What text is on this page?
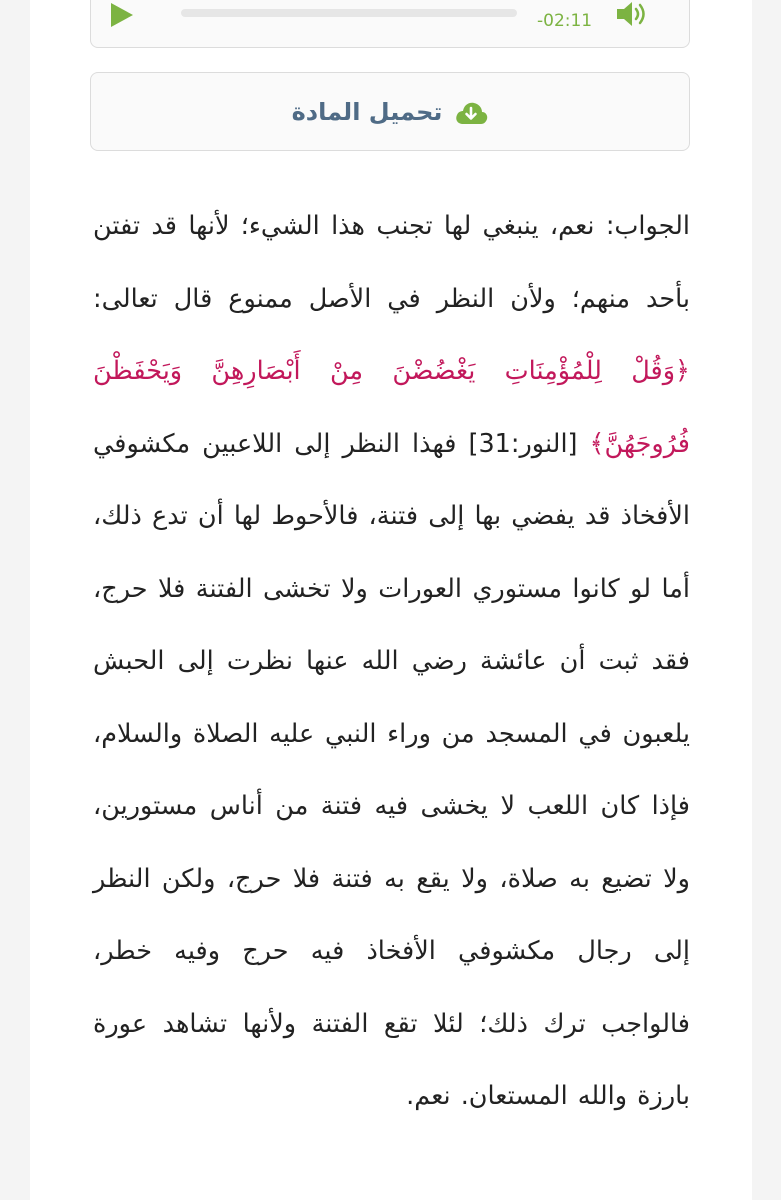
-02:11
تحميل المادة
الجواب: نعم، ينبغي لها تجنب هذا الشيء؛ لأنها قد تفتن بأحد منهم؛ ولأن النظر في الأصل ممنوع قال تعالى: ﴿وَقُلْ لِلْمُؤْمِنَاتِ يَغْضُضْنَ مِنْ أَبْصَارِهِنَّ وَيَحْفَظْنَ فُرُوجَهُنَّ﴾ [النور:31] فهذا النظر إلى اللاعبين مكشوفي الأفخاذ قد يفضي بها إلى فتنة، فالأحوط لها أن تدع ذلك، أما لو كانوا مستوري العورات ولا تخشى الفتنة فلا حرج، فقد ثبت أن عائشة رضي الله عنها نظرت إلى الحبش يلعبون في المسجد من وراء النبي عليه الصلاة والسلام، فإذا كان اللعب لا يخشى فيه فتنة من أناس مستورين، ولا تضيع به صلاة، ولا يقع به فتنة فلا حرج، ولكن النظر إلى رجال مكشوفي الأفخاذ فيه حرج وفيه خطر، فالواجب ترك ذلك؛ لئلا تقع الفتنة ولأنها تشاهد عورة بارزة والله المستعان. نعم.
